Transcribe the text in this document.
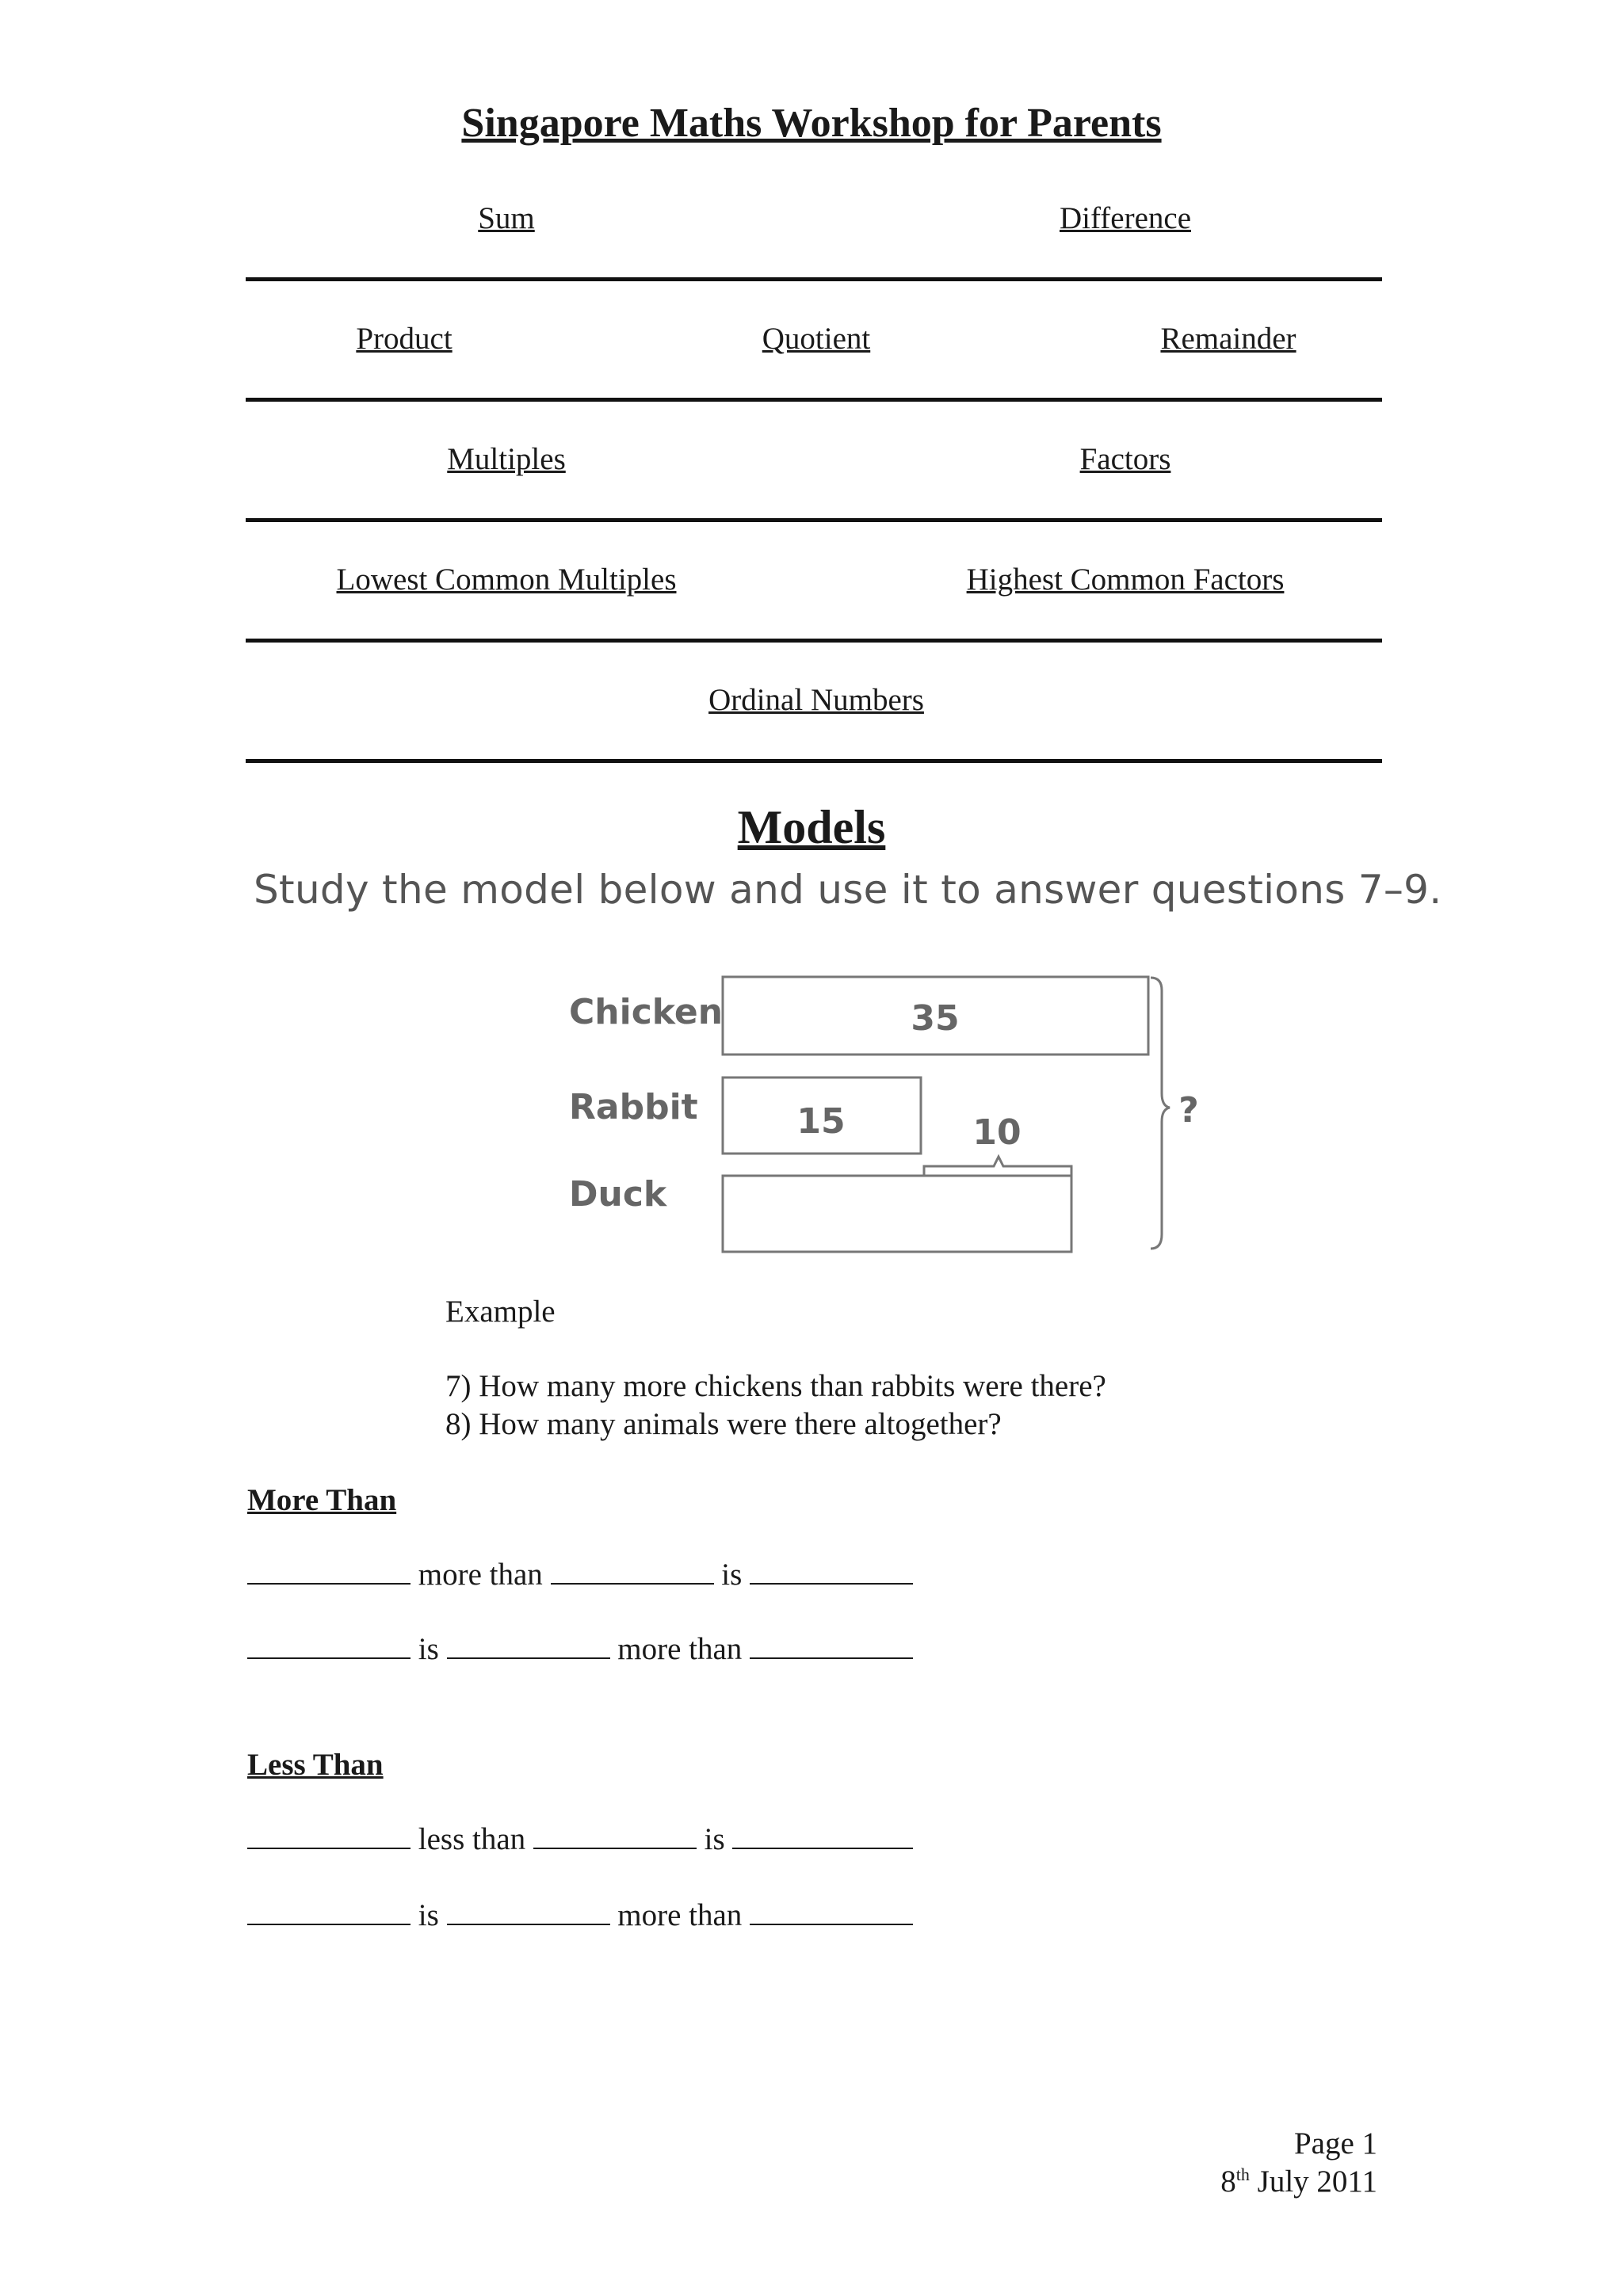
Singapore Maths Workshop for Parents
Sum	Difference
Product	Quotient	Remainder
Multiples	Factors
Lowest Common Multiples	Highest Common Factors
Ordinal Numbers
Models
Study the model below and use it to answer questions 7–9.
Chicken
Rabbit
Duck
35
15	10
?
Example
7) How many more chickens than rabbits were there?
8) How many animals were there altogether?
More Than
more than	is
is	more than
Less Than
less than	is
is	more than
Page 1
8th July 2011
